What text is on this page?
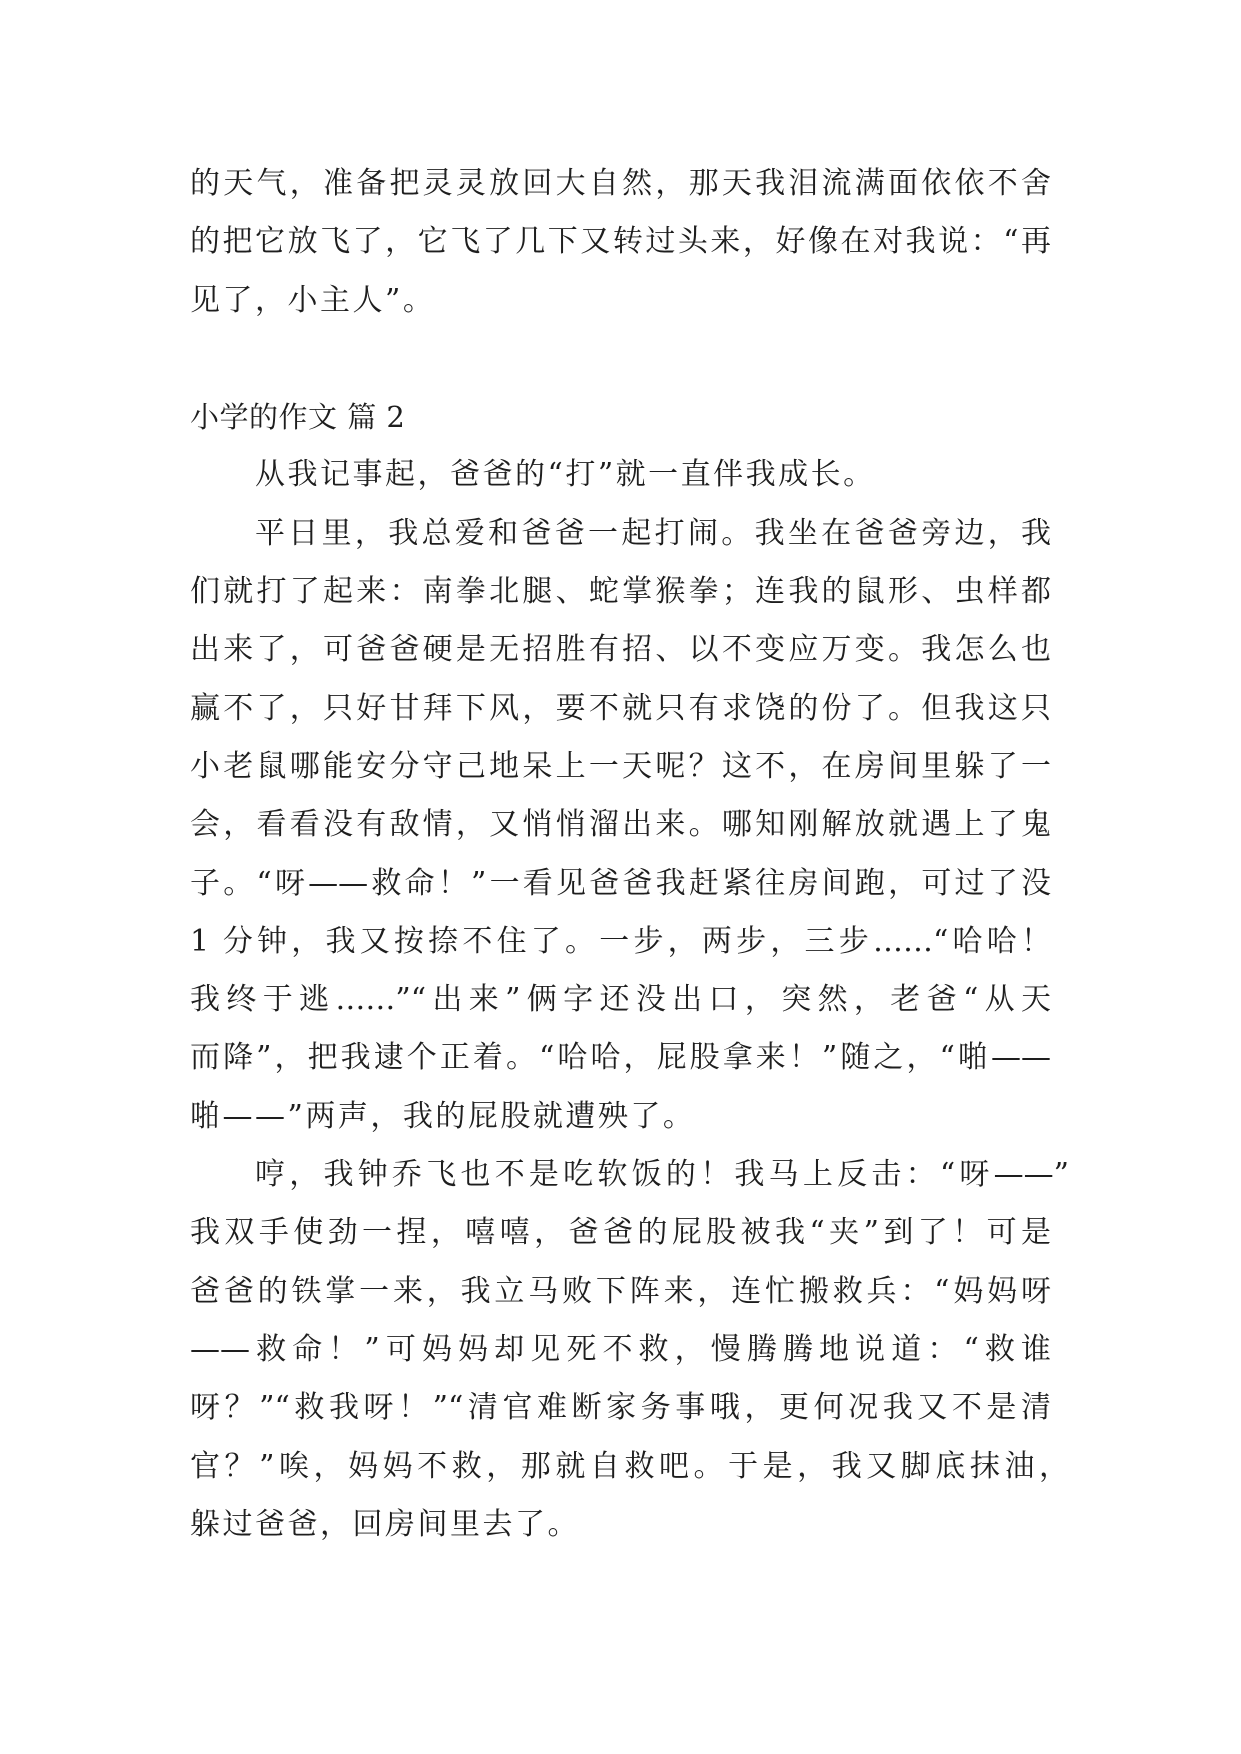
的天气，准备把灵灵放回大自然，那天我泪流满面依依不舍
的把它放飞了，它飞了几下又转过头来，好像在对我说：“再
见了，小主人”。
小学的作文 篇 2
从我记事起，爸爸的“打”就一直伴我成长。
平日里，我总爱和爸爸一起打闹。我坐在爸爸旁边，我
们就打了起来：南拳北腿、蛇掌猴拳；连我的鼠形、虫样都
出来了，可爸爸硬是无招胜有招、以不变应万变。我怎么也
赢不了，只好甘拜下风，要不就只有求饶的份了。但我这只
小老鼠哪能安分守己地呆上一天呢？这不，在房间里躲了一
会，看看没有敌情，又悄悄溜出来。哪知刚解放就遇上了鬼
子。“呀——救命！”一看见爸爸我赶紧往房间跑，可过了没
1 分钟，我又按捺不住了。一步，两步，三步……“哈哈！
我终于逃……”“出来”俩字还没出口，突然，老爸“从天
而降”，把我逮个正着。“哈哈，屁股拿来！”随之，“啪——
啪——”两声，我的屁股就遭殃了。
哼，我钟乔飞也不是吃软饭的！我马上反击：“呀——”
我双手使劲一捏，嘻嘻，爸爸的屁股被我“夹”到了！可是
爸爸的铁掌一来，我立马败下阵来，连忙搬救兵：“妈妈呀
——救命！”可妈妈却见死不救，慢腾腾地说道：“救谁
呀？”“救我呀！”“清官难断家务事哦，更何况我又不是清
官？”唉，妈妈不救，那就自救吧。于是，我又脚底抹油，
躲过爸爸，回房间里去了。
